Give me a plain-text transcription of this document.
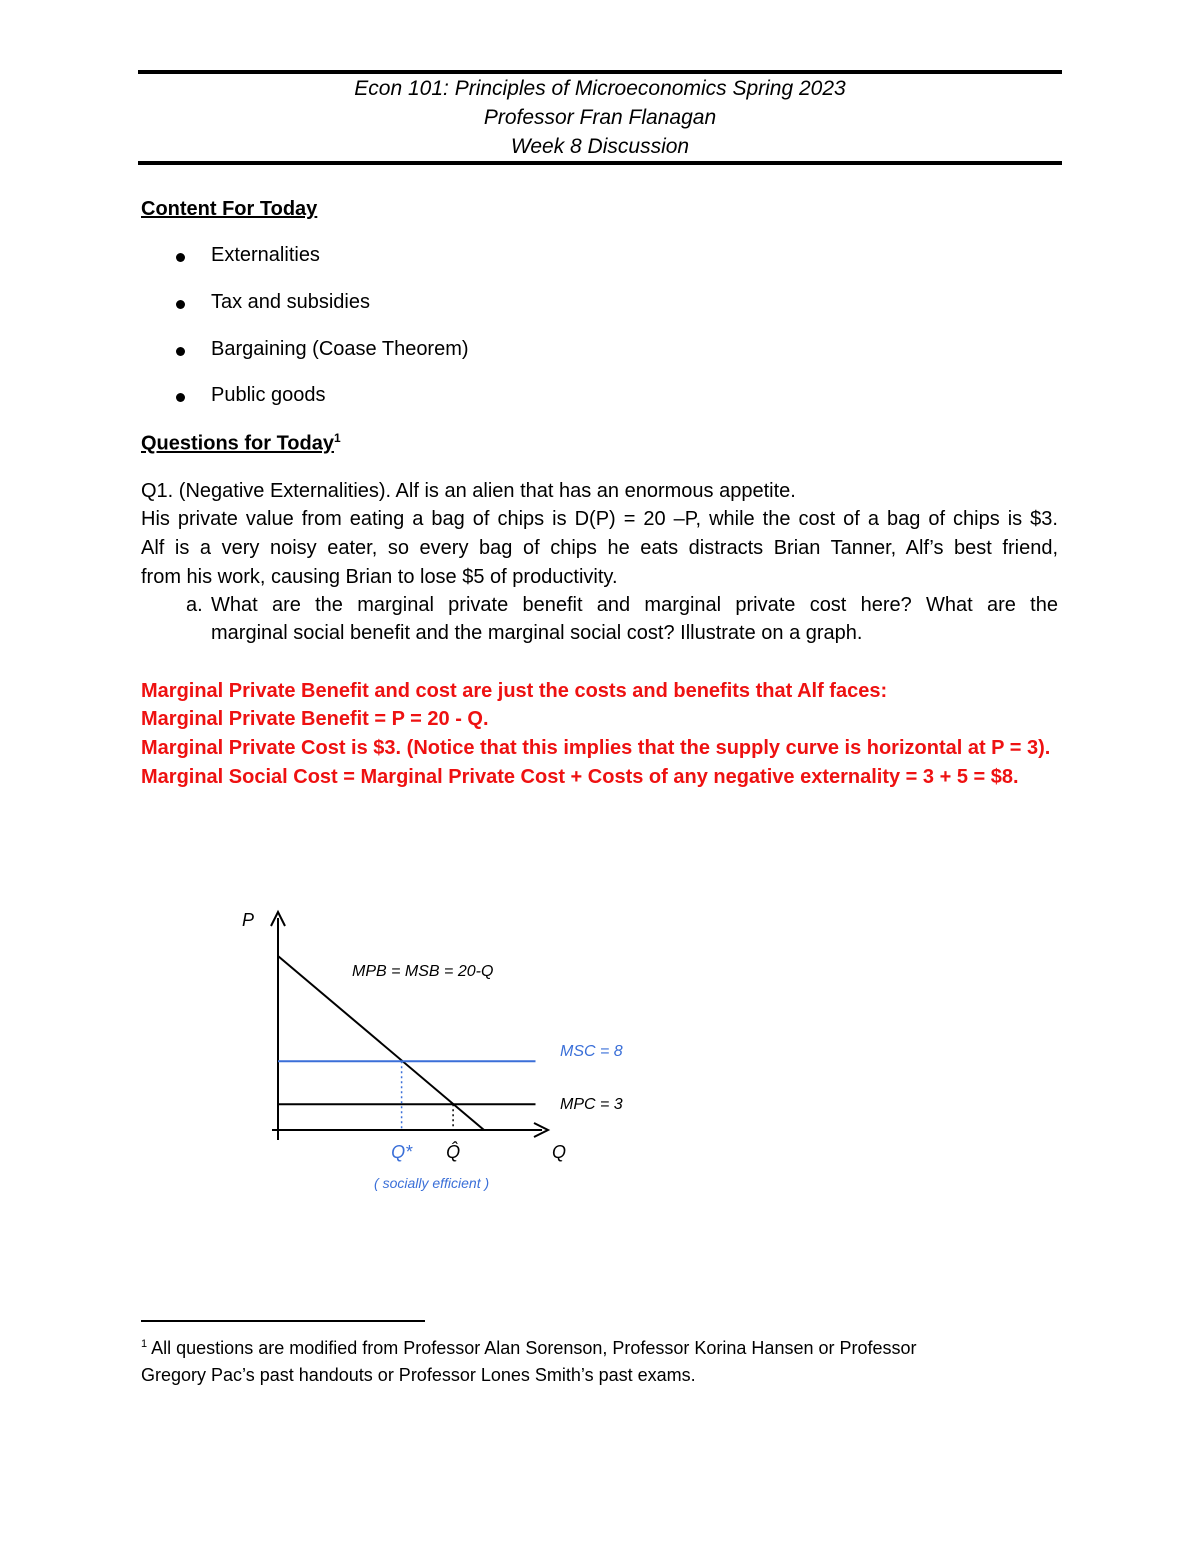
Econ 101: Principles of Microeconomics Spring 2023
Professor Fran Flanagan
Week 8 Discussion
Content For Today
Externalities
Tax and subsidies
Bargaining (Coase Theorem)
Public goods
Questions for Today$^1$
Q1. (Negative Externalities). Alf is an alien that has an enormous appetite.
His private value from eating a bag of chips is D(P) = 20 –P, while the cost of a bag of chips is $3.
Alf is a very noisy eater, so every bag of chips he eats distracts Brian Tanner, Alf’s best friend,
from his work, causing Brian to lose $5 of productivity.
a. What are the marginal private benefit and marginal private cost here? What are the
marginal social benefit and the marginal social cost? Illustrate on a graph.
Marginal Private Benefit and cost are just the costs and benefits that Alf faces:
Marginal Private Benefit = P = 20 - Q.
Marginal Private Cost is $3. (Notice that this implies that the supply curve is horizontal at P = 3).
Marginal Social Cost = Marginal Private Cost + Costs of any negative externality = 3 + 5 = $8.
P
Q
MPB = MSB = 20-Q
MSC = 8
MPC = 3
Q* Q̂
( socially efficient )
$^1$ All questions are modified from Professor Alan Sorenson, Professor Korina Hansen or Professor
Gregory Pac’s past handouts or Professor Lones Smith’s past exams.
